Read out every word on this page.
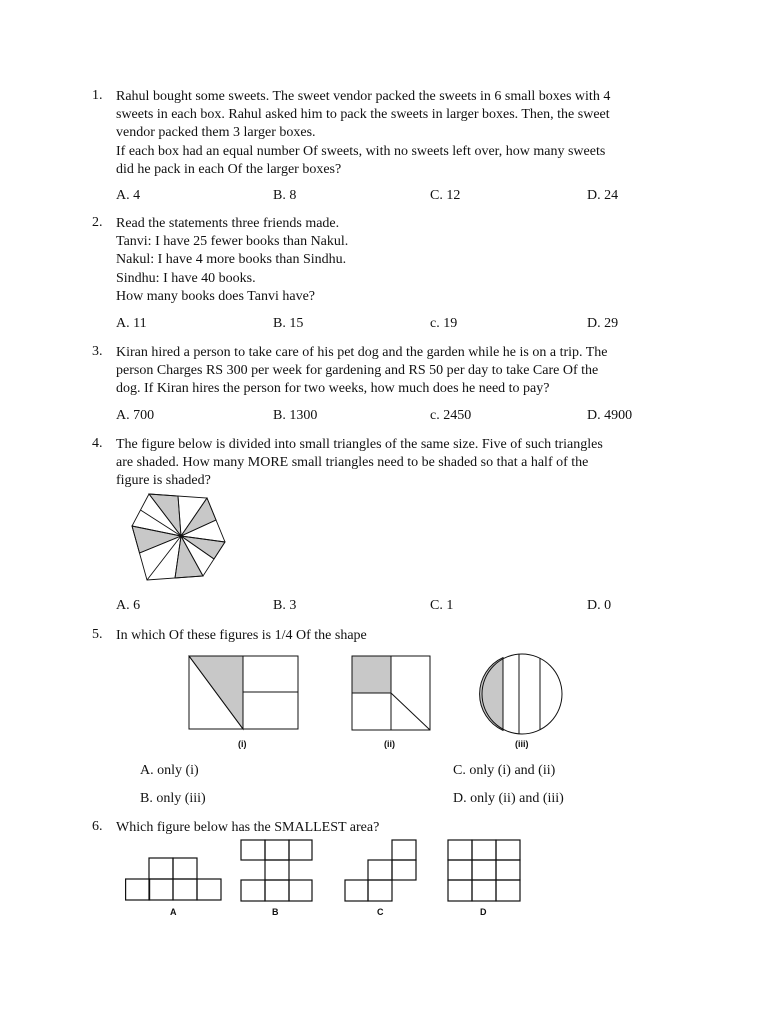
1. Rahul bought some sweets. The sweet vendor packed the sweets in 6 small boxes with 4
sweets in each box. Rahul asked him to pack the sweets in larger boxes. Then, the sweet
vendor packed them 3 larger boxes.
If each box had an equal number Of sweets, with no sweets left over, how many sweets
did he pack in each Of the larger boxes?
A. 4	B. 8	C. 12	D. 24
2. Read the statements three friends made.
Tanvi: I have 25 fewer books than Nakul.
Nakul: I have 4 more books than Sindhu.
Sindhu: I have 40 books.
How many books does Tanvi have?
A. 11	B. 15	c. 19	D. 29
3. Kiran hired a person to take care of his pet dog and the garden while he is on a trip. The
person Charges RS 300 per week for gardening and RS 50 per day to take Care Of the
dog. If Kiran hires the person for two weeks, how much does he need to pay?
A. 700	B. 1300	c. 2450	D. 4900
4. The figure below is divided into small triangles of the same size. Five of such triangles
are shaded. How many MORE small triangles need to be shaded so that a half of the
figure is shaded?
A. 6	B. 3	C. 1	D. 0
5. In which Of these figures is 1/4 Of the shape
(i)	(ii)	(iii)
A. only (i)	C. only (i) and (ii)
B. only (iii)	D. only (ii) and (iii)
6. Which figure below has the SMALLEST area?
A	B	C	D
